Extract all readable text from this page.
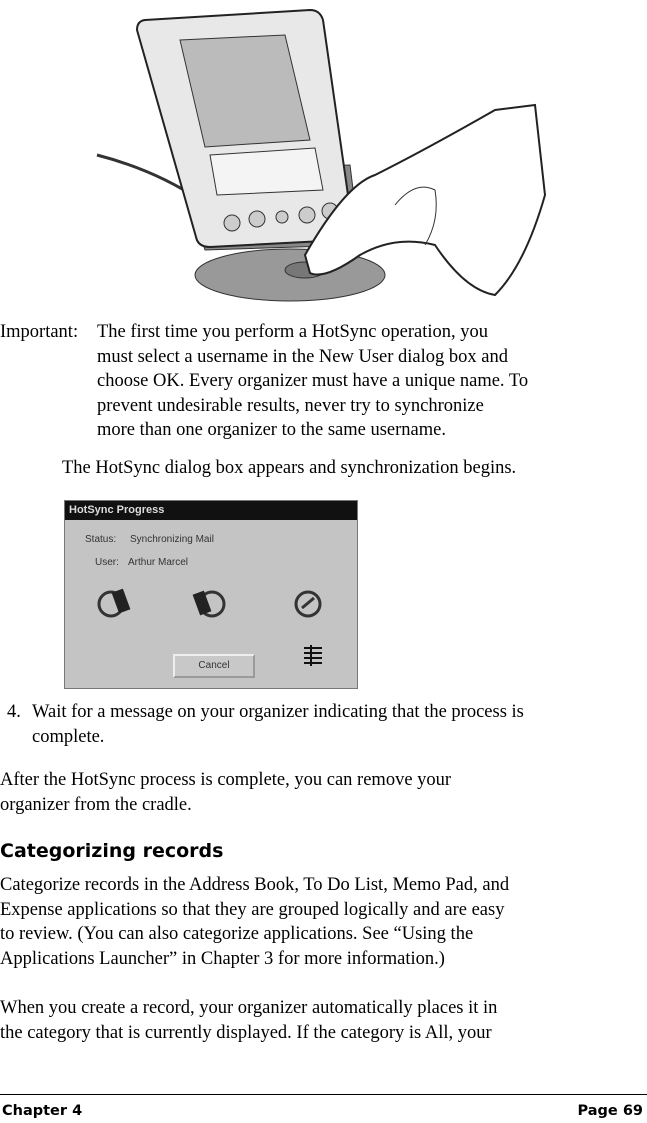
Important: The first time you perform a HotSync operation, you
must select a username in the New User dialog box and
choose OK. Every organizer must have a unique name. To
prevent undesirable results, never try to synchronize
more than one organizer to the same username.
The HotSync dialog box appears and synchronization begins.
HotSync Progress
Status: Synchronizing Mail
User: Arthur Marcel
Cancel
4. Wait for a message on your organizer indicating that the process is
complete.
After the HotSync process is complete, you can remove your
organizer from the cradle.
Categorizing records
Categorize records in the Address Book, To Do List, Memo Pad, and
Expense applications so that they are grouped logically and are easy
to review. (You can also categorize applications. See “Using the
Applications Launcher” in Chapter 3 for more information.)
When you create a record, your organizer automatically places it in
the category that is currently displayed. If the category is All, your
Chapter 4	Page 69
